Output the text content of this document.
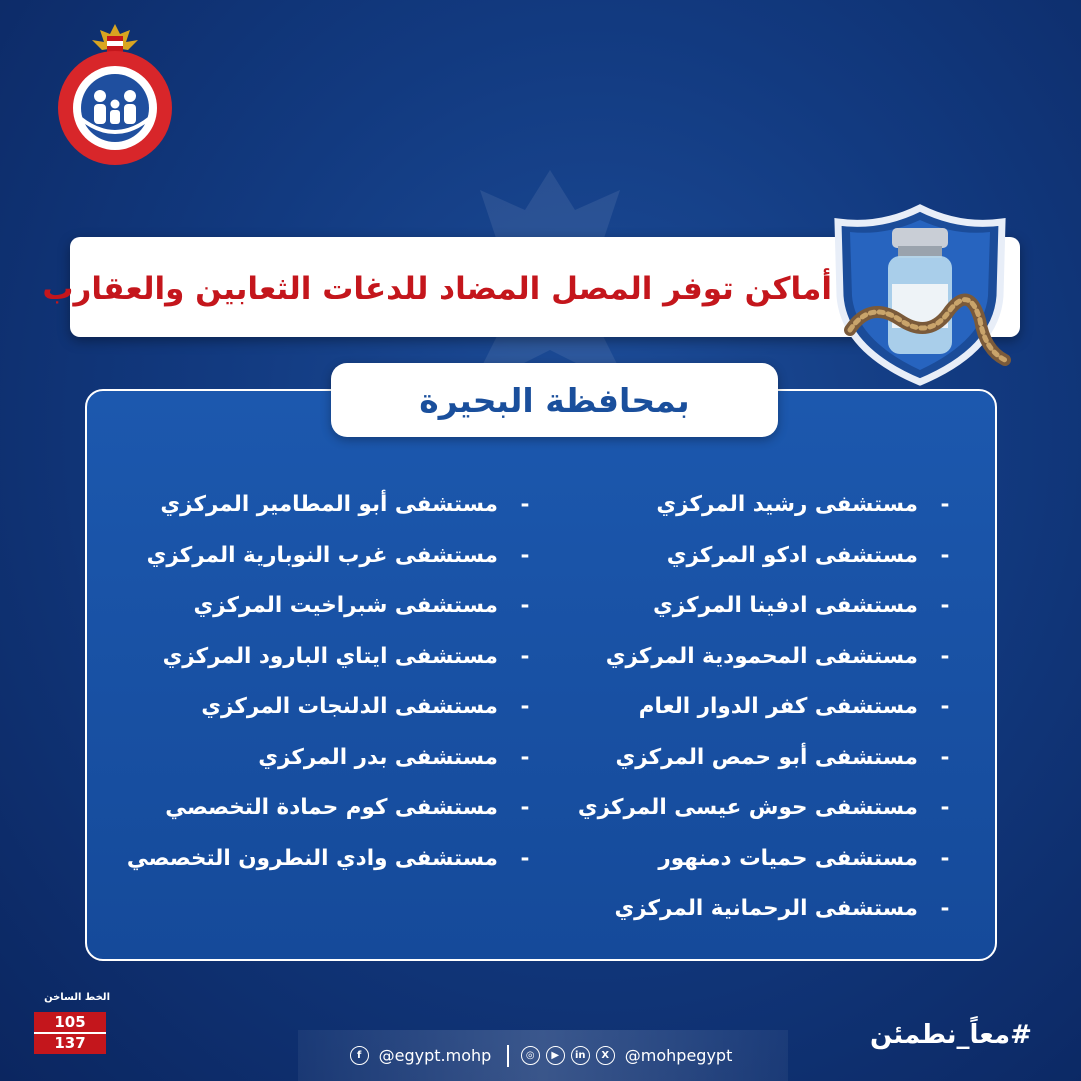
أماكن توفر المصل المضاد للدغات الثعابين والعقارب
بمحافظة البحيرة
-مستشفى رشيد المركزي
-مستشفى ادكو المركزي
-مستشفى ادفينا المركزي
-مستشفى المحمودية المركزي
-مستشفى كفر الدوار العام
-مستشفى أبو حمص المركزي
-مستشفى حوش عيسى المركزي
-مستشفى حميات دمنهور
-مستشفى الرحمانية المركزي
-مستشفى أبو المطامير المركزي
-مستشفى غرب النوبارية المركزي
-مستشفى شبراخيت المركزي
-مستشفى ايتاي البارود المركزي
-مستشفى الدلنجات المركزي
-مستشفى بدر المركزي
-مستشفى كوم حمادة التخصصي
-مستشفى وادي النطرون التخصصي
الخط الساخن
105
137
f	@egypt.mohp	◎	▶	in	X @mohpegypt
#معاً_نطمئن
